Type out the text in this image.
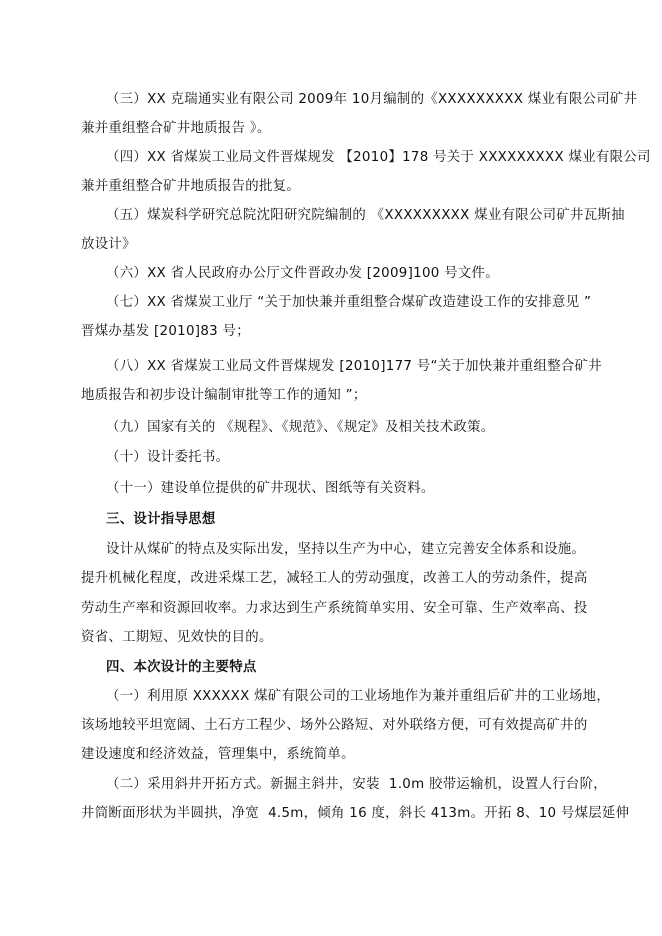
（三）XX 克瑞通实业有限公司 2009年 10月编制的《XXXXXXXXX 煤业有限公司矿井
兼并重组整合矿井地质报告 》。
（四）XX 省煤炭工业局文件晋煤规发 【2010】178 号关于 XXXXXXXXX 煤业有限公司
兼并重组整合矿井地质报告的批复。
（五）煤炭科学研究总院沈阳研究院编制的 《XXXXXXXXX 煤业有限公司矿井瓦斯抽
放设计》
（六）XX 省人民政府办公厅文件晋政办发 [2009]100 号文件。
（七）XX 省煤炭工业厅 “关于加快兼并重组整合煤矿改造建设工作的安排意见 ”
晋煤办基发 [2010]83 号；
（八）XX 省煤炭工业局文件晋煤规发 [2010]177 号“关于加快兼并重组整合矿井
地质报告和初步设计编制审批等工作的通知 ”；
（九）国家有关的 《规程》、《规范》、《规定》及相关技术政策。
（十）设计委托书。
（十一）建设单位提供的矿井现状、图纸等有关资料。
三、设计指导思想
设计从煤矿的特点及实际出发，坚持以生产为中心，建立完善安全体系和设施。
提升机械化程度，改进采煤工艺，减轻工人的劳动强度，改善工人的劳动条件，提高
劳动生产率和资源回收率。力求达到生产系统简单实用、安全可靠、生产效率高、投
资省、工期短、见效快的目的。
四、本次设计的主要特点
（一）利用原 XXXXXX 煤矿有限公司的工业场地作为兼并重组后矿井的工业场地，
该场地较平坦宽阔、土石方工程少、场外公路短、对外联络方便，可有效提高矿井的
建设速度和经济效益，管理集中，系统简单。
（二）采用斜井开拓方式。新掘主斜井，安装  1.0m 胶带运输机，设置人行台阶，
井筒断面形状为半圆拱，净宽  4.5m，倾角 16 度，斜长 413m。开拓 8、10 号煤层延伸
